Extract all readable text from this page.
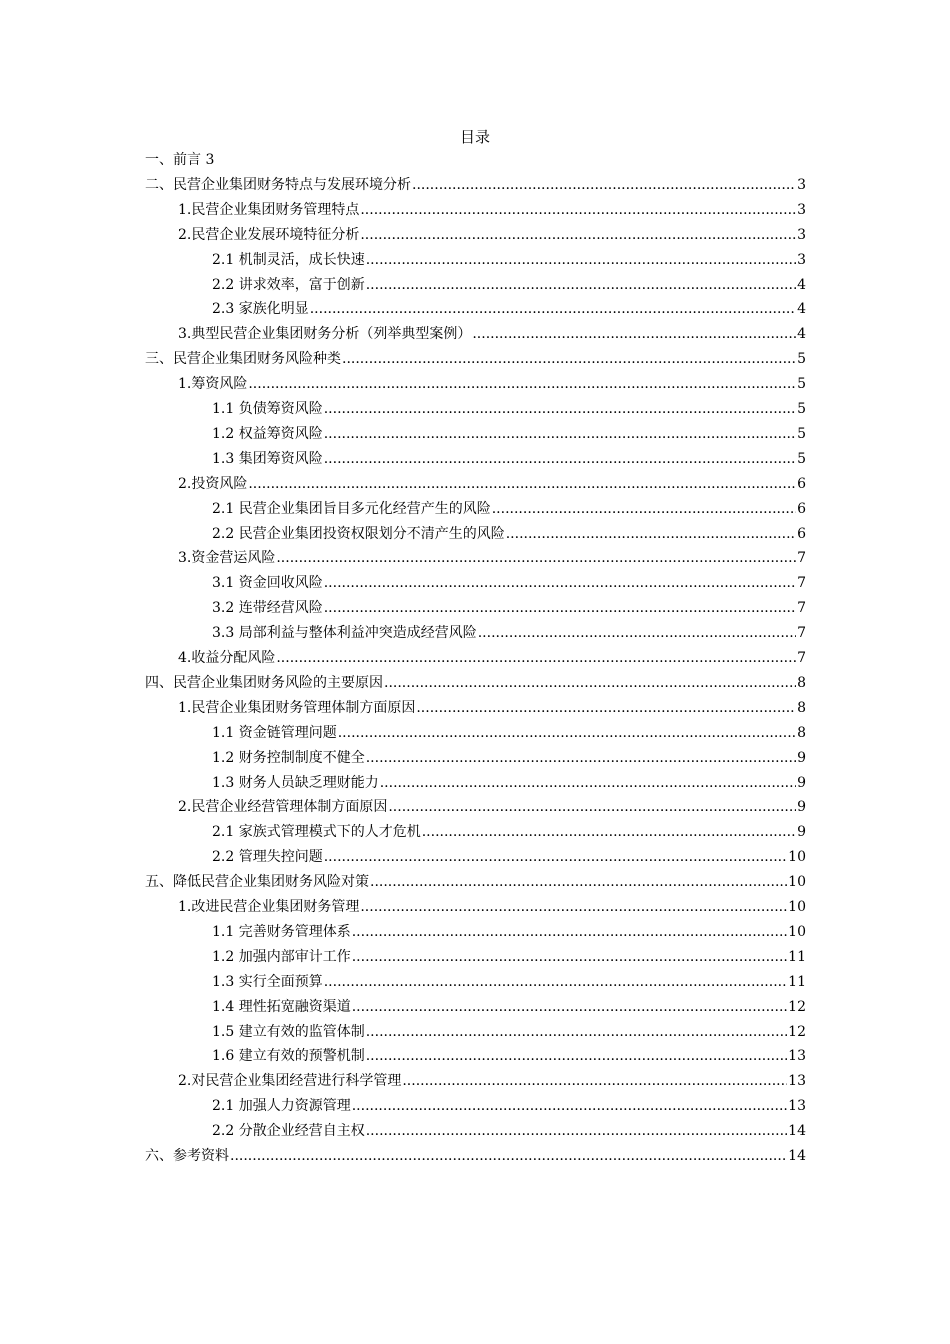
目录
一、前言 3
二、民营企业集团财务特点与发展环境分析 .....	3
1.民营企业集团财务管理特点 .....	3
2.民营企业发展环境特征分析 .....	3
2.1 机制灵活，成长快速 .....	3
2.2 讲求效率，富于创新 .....	4
2.3 家族化明显 .....	4
3.典型民营企业集团财务分析（列举典型案例） .....	4
三、民营企业集团财务风险种类 .....	5
1.筹资风险 .....	5
1.1 负债筹资风险 .....	5
1.2 权益筹资风险 .....	5
1.3 集团筹资风险 .....	5
2.投资风险 .....	6
2.1 民营企业集团旨目多元化经营产生的风险 .....	6
2.2 民营企业集团投资权限划分不清产生的风险 .....	6
3.资金营运风险 .....	7
3.1 资金回收风险 .....	7
3.2 连带经营风险 .....	7
3.3 局部利益与整体利益冲突造成经营风险 .....	7
4.收益分配风险 .....	7
四、民营企业集团财务风险的主要原因 .....	8
1.民营企业集团财务管理体制方面原因 .....	8
1.1 资金链管理问题 .....	8
1.2 财务控制制度不健全 .....	9
1.3 财务人员缺乏理财能力 .....	9
2.民营企业经营管理体制方面原因 .....	9
2.1 家族式管理模式下的人才危机 .....	9
2.2 管理失控问题 .....	10
五、降低民营企业集团财务风险对策 .....	10
1.改进民营企业集团财务管理 .....	10
1.1 完善财务管理体系 .....	10
1.2 加强内部审计工作 .....	11
1.3 实行全面预算 .....	11
1.4 理性拓宽融资渠道 .....	12
1.5 建立有效的监管体制 .....	12
1.6 建立有效的预警机制 .....	13
2.对民营企业集团经营进行科学管理 .....	13
2.1 加强人力资源管理 .....	13
2.2 分散企业经营自主权 .....	14
六、参考资料 .....	14
